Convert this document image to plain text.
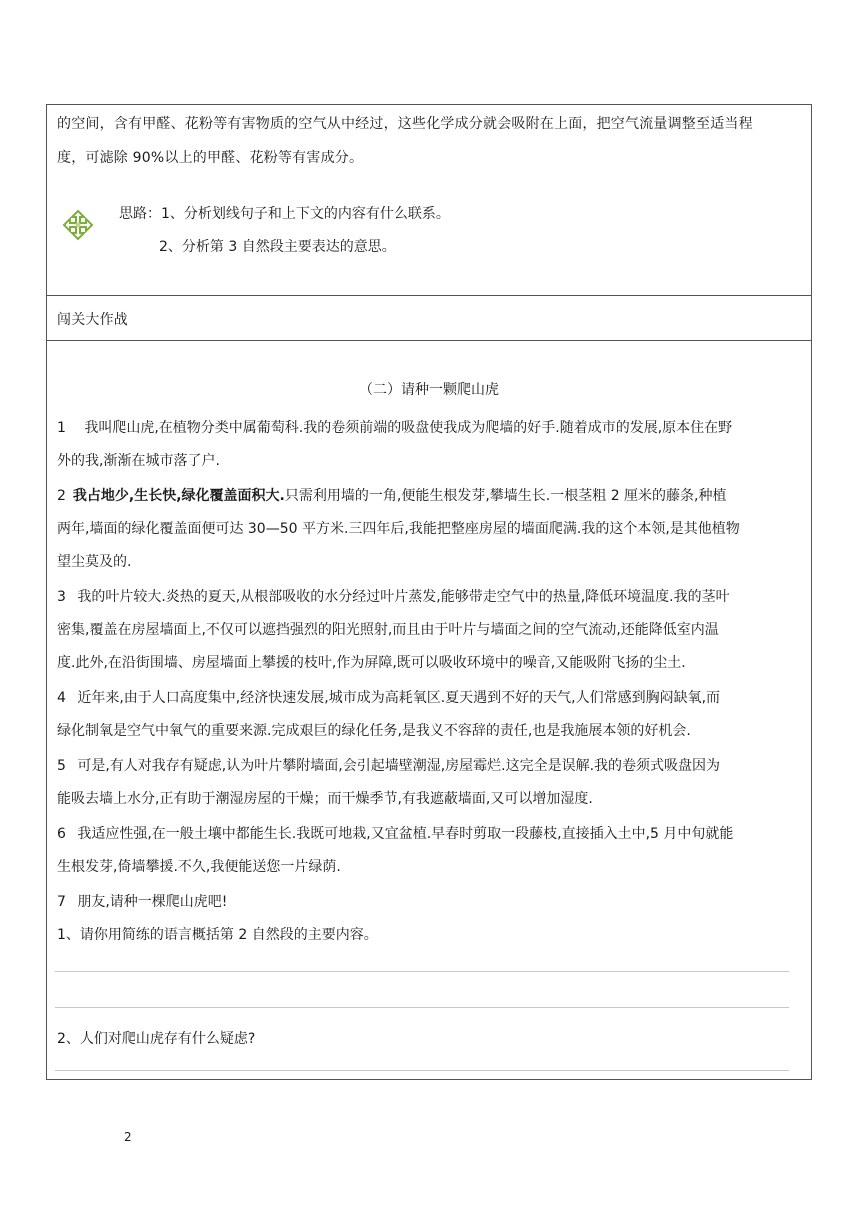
的空间，含有甲醛、花粉等有害物质的空气从中经过，这些化学成分就会吸附在上面，把空气流量调整至适当程
度，可滤除 90%以上的甲醛、花粉等有害成分。
思路：1、分析划线句子和上下文的内容有什么联系。
2、分析第 3 自然段主要表达的意思。
闯关大作战
（二）请种一颗爬山虎
1　 我叫爬山虎,在植物分类中属葡萄科.我的卷须前端的吸盘使我成为爬墙的好手.随着成市的发展,原本住在野
外的我,渐渐在城市落了户.
2 我占地少,生长快,绿化覆盖面积大.只需利用墙的一角,便能生根发芽,攀墙生长.一根茎粗 2 厘米的藤条,种植
两年,墙面的绿化覆盖面便可达 30—50 平方米.三四年后,我能把整座房屋的墙面爬满.我的这个本领,是其他植物
望尘莫及的.
3  我的叶片较大.炎热的夏天,从根部吸收的水分经过叶片蒸发,能够带走空气中的热量,降低环境温度.我的茎叶
密集,覆盖在房屋墙面上,不仅可以遮挡强烈的阳光照射,而且由于叶片与墙面之间的空气流动,还能降低室内温
度.此外,在沿街围墙、房屋墙面上攀援的枝叶,作为屏障,既可以吸收环境中的噪音,又能吸附飞扬的尘土.
4  近年来,由于人口高度集中,经济快速发展,城市成为高耗氧区.夏天遇到不好的天气,人们常感到胸闷缺氧,而
绿化制氧是空气中氧气的重要来源.完成艰巨的绿化任务,是我义不容辞的责任,也是我施展本领的好机会.
5  可是,有人对我存有疑虑,认为叶片攀附墙面,会引起墙壁潮湿,房屋霉烂.这完全是误解.我的卷须式吸盘因为
能吸去墙上水分,正有助于潮湿房屋的干燥；而干燥季节,有我遮蔽墙面,又可以增加湿度.
6  我适应性强,在一般土壤中都能生长.我既可地栽,又宜盆植.早春时剪取一段藤枝,直接插入土中,5 月中旬就能
生根发芽,倚墙攀援.不久,我便能送您一片绿荫.
7  朋友,请种一棵爬山虎吧!
1、请你用简练的语言概括第 2 自然段的主要内容。
2、人们对爬山虎存有什么疑虑?
2
